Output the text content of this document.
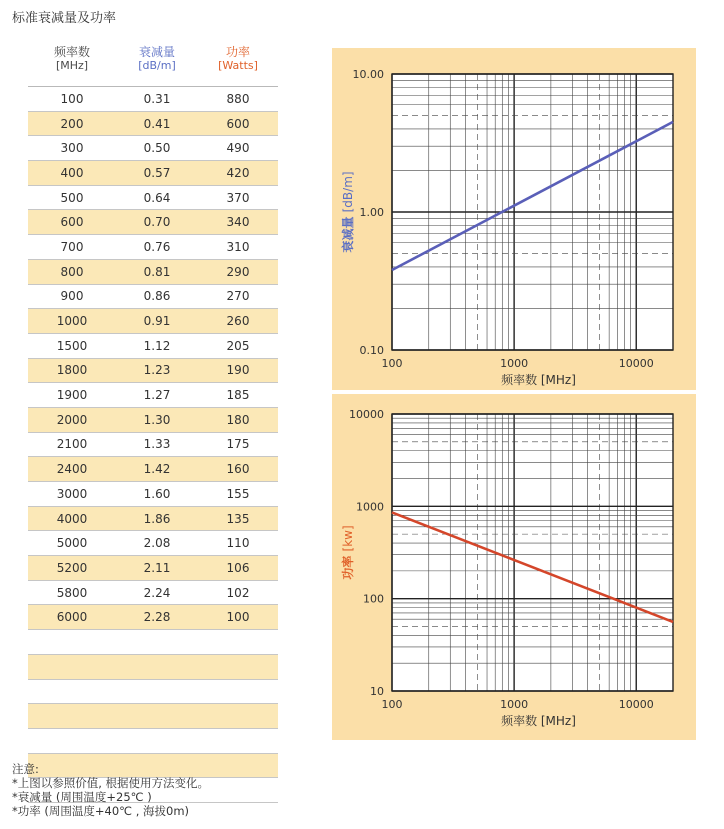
标准衰减量及功率
频率数
[MHz]
衰减量
[dB/m]
功率
[Watts]
100	0.31	880
200	0.41	600
300	0.50	490
400	0.57	420
500	0.64	370
600	0.70	340
700	0.76	310
800	0.81	290
900	0.86	270
1000	0.91	260
1500	1.12	205
1800	1.23	190
1900	1.27	185
2000	1.30	180
2100	1.33	175
2400	1.42	160
3000	1.60	155
4000	1.86	135
5000	2.08	110
5200	2.11	106
5800	2.24	102
6000	2.28	100
100	1000	10000
0.10
1.00
10.00
频率数 [MHz]
衰减量 [dB/m]
100	1000	10000
10
100
1000
10000
频率数 [MHz]
功率 [kw]
注意:
*上图以参照价值, 根据使用方法变化。
*衰减量 (周围温度+25℃ )
*功率 (周围温度+40℃ , 海拔0m)
